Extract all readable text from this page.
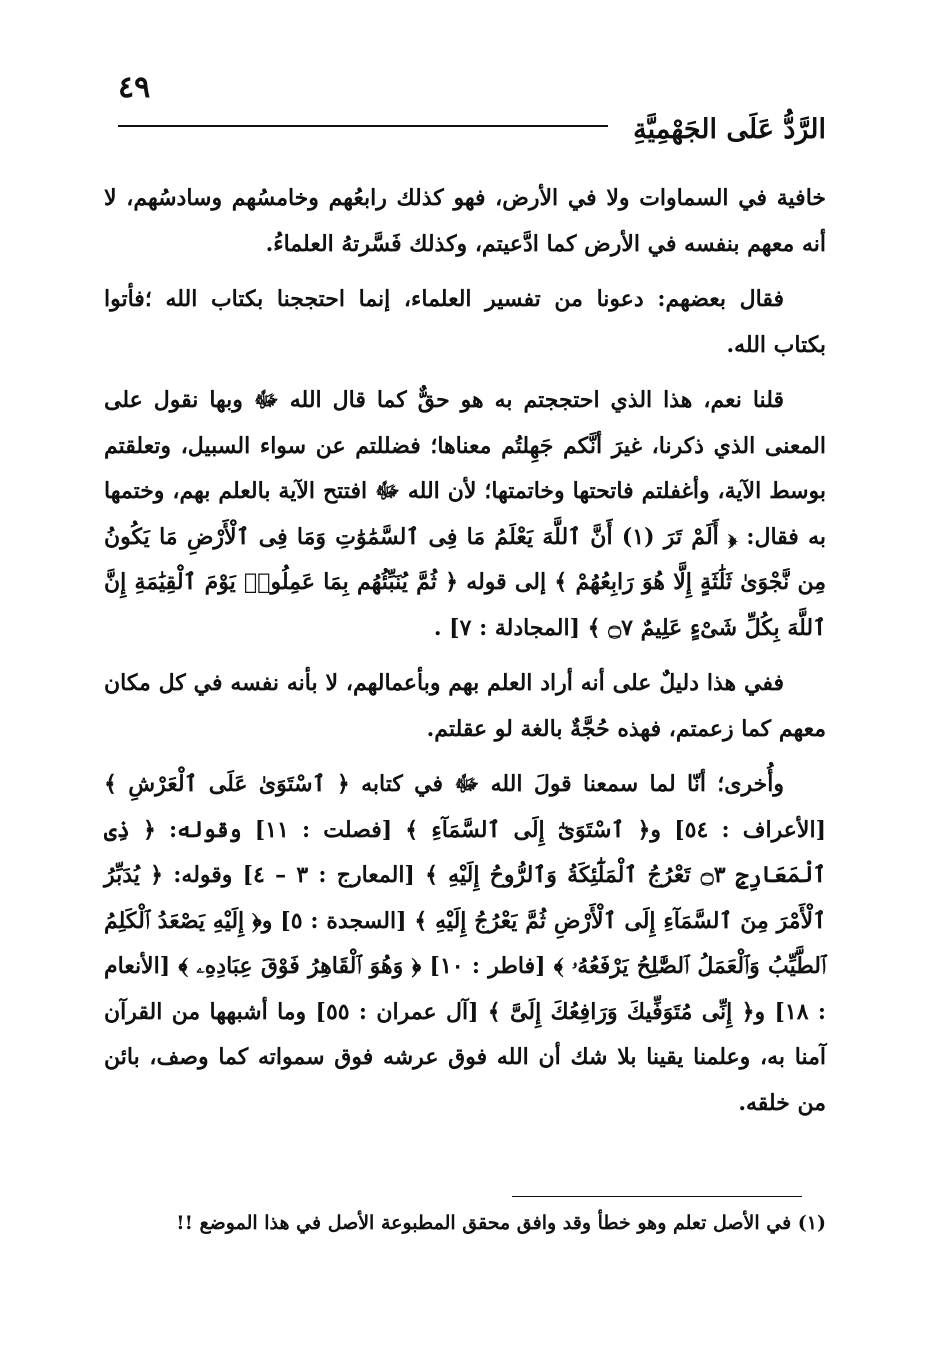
٤٩
الرَّدُّ عَلَى الجَهْمِيَّةِ

خافية في السماوات ولا في الأرض، فهو كذلك رابعُهم وخامسُهم وسادسُهم، لا أنه معهم بنفسه في الأرض كما ادَّعيتم، وكذلك فَسَّرتهُ العلماءُ.

فقال بعضهم: دعونا من تفسير العلماء، إنما احتججنا بكتاب الله ؛فأتوا بكتاب الله.

قلنا نعم، هذا الذي احتججتم به هو حقٌّ كما قال الله ﷻ وبها نقول على المعنى الذي ذكرنا، غيرَ أنَّكم جَهِلتُم معناها؛ فضللتم عن سواء السبيل، وتعلقتم بوسط الآية، وأغفلتم فاتحتها وخاتمتها؛ لأن الله ﷻ افتتح الآية بالعلم بهم، وختمها به فقال: ﴿ أَلَمْ تَرَ (١) أَنَّ ٱللَّهَ يَعْلَمُ مَا فِى ٱلسَّمَٰوَٰتِ وَمَا فِى ٱلْأَرْضِ مَا يَكُونُ مِن نَّجْوَىٰ ثَلَٰثَةٍ إِلَّا هُوَ رَابِعُهُمْ ﴾ إلى قوله ﴿ ثُمَّ يُنَبِّئُهُم بِمَا عَمِلُوا۟ يَوْمَ ٱلْقِيَٰمَةِ إِنَّ ٱللَّهَ بِكُلِّ شَىْءٍ عَلِيمٌ ۝٧ ﴾ [المجادلة : ٧] .

ففي هذا دليلٌ على أنه أراد العلم بهم وبأعمالهم، لا بأنه نفسه في كل مكان معهم كما زعمتم، فهذه حُجَّةٌ بالغة لو عقلتم.

وأُخرى؛ أنّا لما سمعنا قولَ الله ﷻ في كتابه ﴿ ٱسْتَوَىٰ عَلَى ٱلْعَرْشِ ﴾ [الأعراف : ٥٤] و﴿ ٱسْتَوَىٰٓ إِلَى ٱلسَّمَآءِ ﴾ [فصلت : ١١] وقوله: ﴿ ذِى ٱلْمَعَارِجِ ۝٣ تَعْرُجُ ٱلْمَلَٰٓئِكَةُ وَٱلرُّوحُ إِلَيْهِ ﴾ [المعارج : ٣ – ٤] وقوله: ﴿ يُدَبِّرُ ٱلْأَمْرَ مِنَ ٱلسَّمَآءِ إِلَى ٱلْأَرْضِ ثُمَّ يَعْرُجُ إِلَيْهِ ﴾ [السجدة : ٥] و﴿ إِلَيْهِ يَصْعَدُ ٱلْكَلِمُ ٱلطَّيِّبُ وَٱلْعَمَلُ ٱلصَّٰلِحُ يَرْفَعُهُۥ ﴾ [فاطر : ١٠] ﴿ وَهُوَ ٱلْقَاهِرُ فَوْقَ عِبَادِهِۦ ﴾ [الأنعام : ١٨] و﴿ إِنِّى مُتَوَفِّيكَ وَرَافِعُكَ إِلَىَّ ﴾ [آل عمران : ٥٥] وما أشبهها من القرآن آمنا به، وعلمنا يقينا بلا شك أن الله فوق عرشه فوق سمواته كما وصف، بائن من خلقه.

(١) في الأصل تعلم وهو خطأ وقد وافق محقق المطبوعة الأصل في هذا الموضع !!
